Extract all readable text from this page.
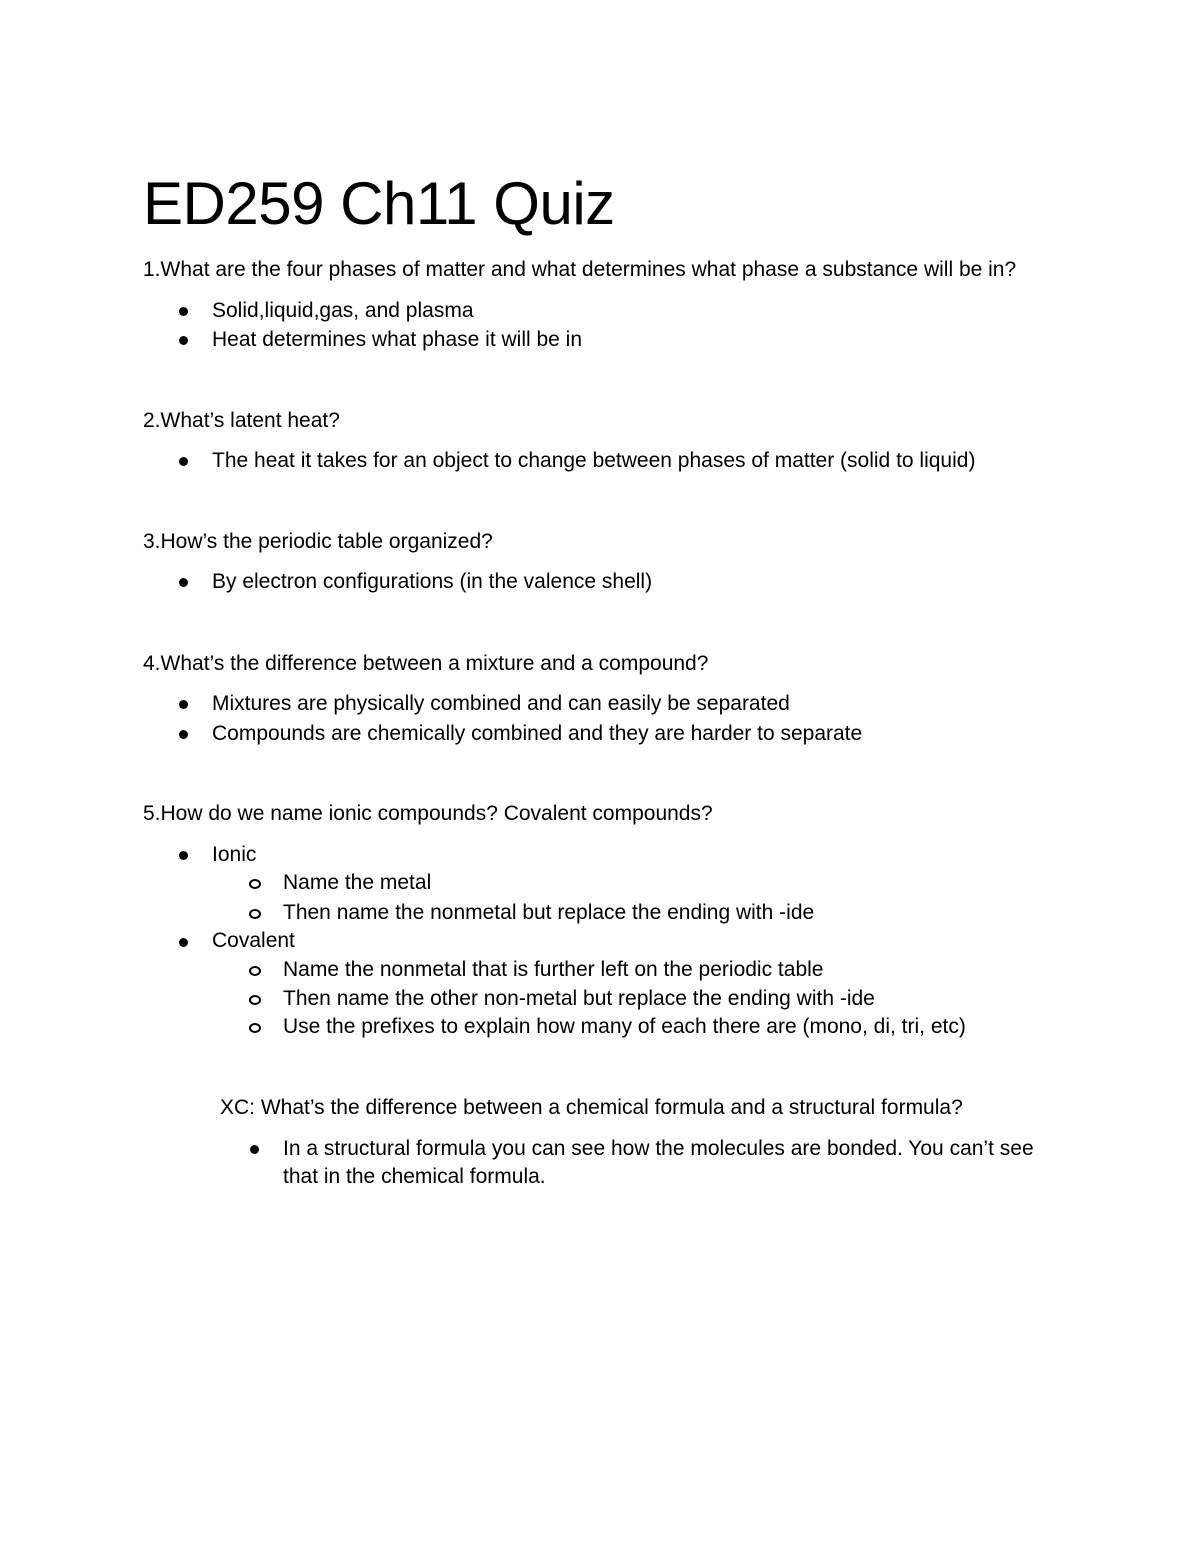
ED259 Ch11 Quiz
1.What are the four phases of matter and what determines what phase a substance will be in?
Solid,liquid,gas, and plasma
Heat determines what phase it will be in
2.What’s latent heat?
The heat it takes for an object to change between phases of matter (solid to liquid)
3.How’s the periodic table organized?
By electron configurations (in the valence shell)
4.What’s the difference between a mixture and a compound?
Mixtures are physically combined and can easily be separated
Compounds are chemically combined and they are harder to separate
5.How do we name ionic compounds? Covalent compounds?
Ionic
Name the metal
Then name the nonmetal but replace the ending with -ide
Covalent
Name the nonmetal that is further left on the periodic table
Then name the other non-metal but replace the ending with -ide
Use the prefixes to explain how many of each there are (mono, di, tri, etc)
XC: What’s the difference between a chemical formula and a structural formula?
In a structural formula you can see how the molecules are bonded. You can’t see that in the chemical formula.
